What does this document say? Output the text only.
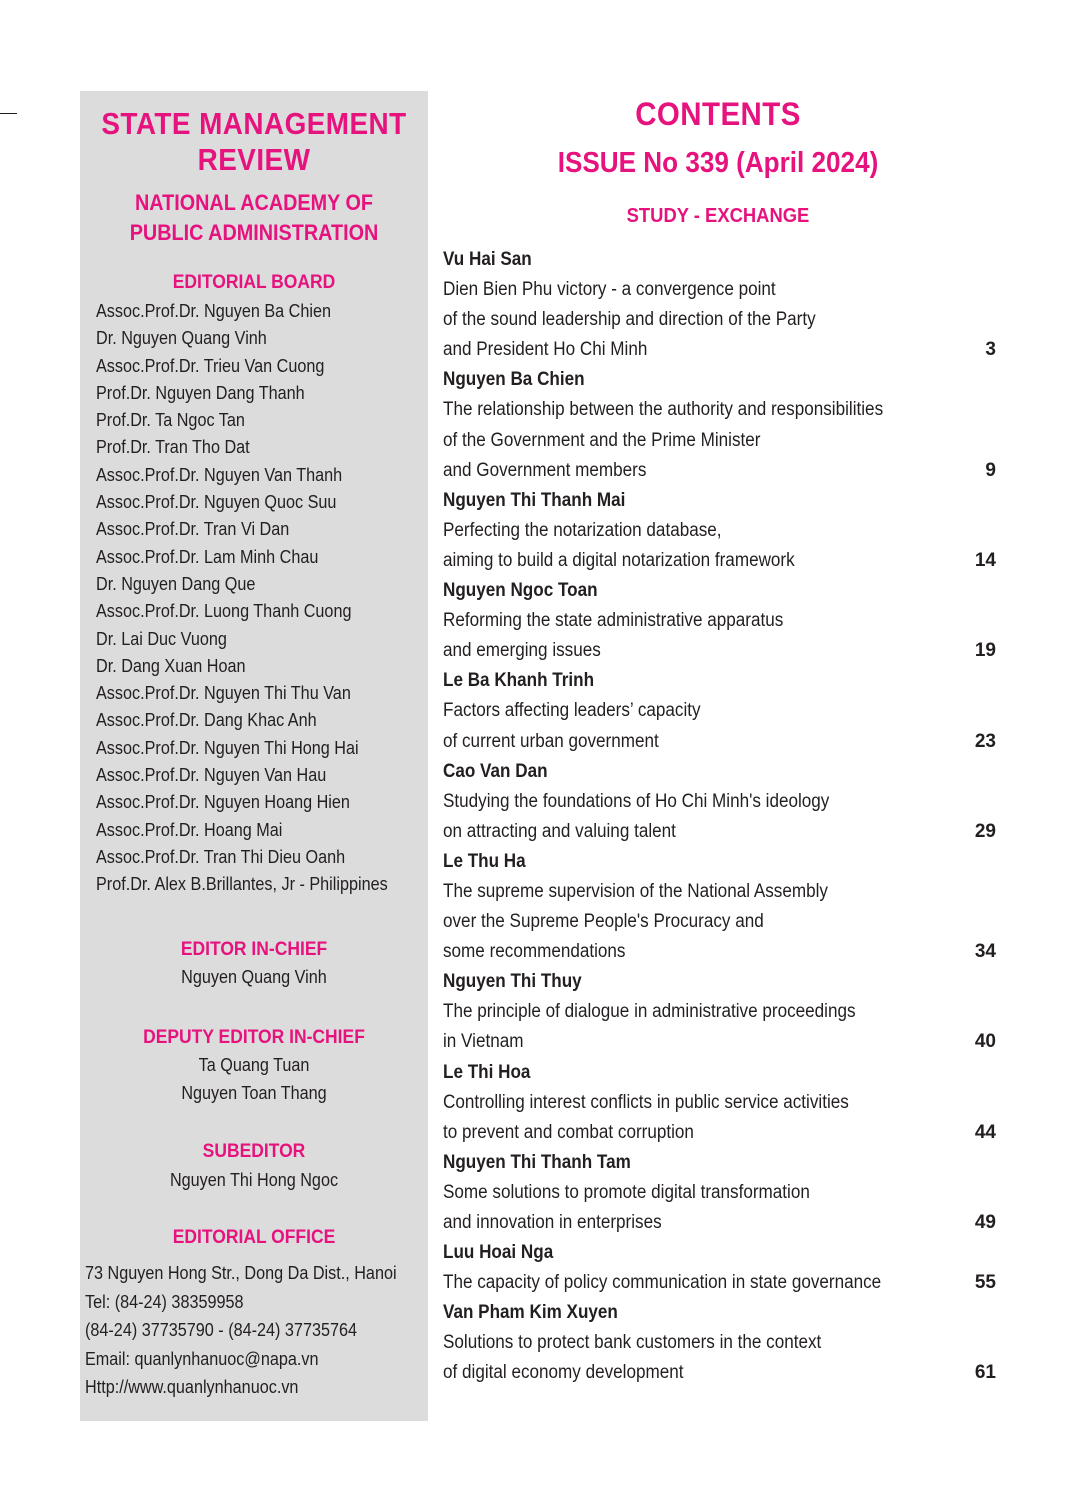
STATE MANAGEMENT
REVIEW
NATIONAL ACADEMY OF
PUBLIC ADMINISTRATION
EDITORIAL BOARD
Assoc.Prof.Dr. Nguyen Ba Chien
Dr. Nguyen Quang Vinh
Assoc.Prof.Dr. Trieu Van Cuong
Prof.Dr. Nguyen Dang Thanh
Prof.Dr. Ta Ngoc Tan
Prof.Dr. Tran Tho Dat
Assoc.Prof.Dr. Nguyen Van Thanh
Assoc.Prof.Dr. Nguyen Quoc Suu
Assoc.Prof.Dr. Tran Vi Dan
Assoc.Prof.Dr. Lam Minh Chau
Dr. Nguyen Dang Que
Assoc.Prof.Dr. Luong Thanh Cuong
Dr. Lai Duc Vuong
Dr. Dang Xuan Hoan
Assoc.Prof.Dr. Nguyen Thi Thu Van
Assoc.Prof.Dr. Dang Khac Anh
Assoc.Prof.Dr. Nguyen Thi Hong Hai
Assoc.Prof.Dr. Nguyen Van Hau
Assoc.Prof.Dr. Nguyen Hoang Hien
Assoc.Prof.Dr. Hoang Mai
Assoc.Prof.Dr. Tran Thi Dieu Oanh
Prof.Dr. Alex B.Brillantes, Jr - Philippines
EDITOR IN-CHIEF
Nguyen Quang Vinh
DEPUTY EDITOR IN-CHIEF
Ta Quang Tuan
Nguyen Toan Thang
SUBEDITOR
Nguyen Thi Hong Ngoc
EDITORIAL OFFICE
73 Nguyen Hong Str., Dong Da Dist., Hanoi
Tel: (84-24) 38359958
(84-24) 37735790 - (84-24) 37735764
Email: quanlynhanuoc@napa.vn
Http://www.quanlynhanuoc.vn
CONTENTS
ISSUE No 339 (April 2024)
STUDY - EXCHANGE
Vu Hai San
Dien Bien Phu victory - a convergence point
of the sound leadership and direction of the Party
and President Ho Chi Minh	3
Nguyen Ba Chien
The relationship between the authority and responsibilities
of the Government and the Prime Minister
and Government members	9
Nguyen Thi Thanh Mai
Perfecting the notarization database,
aiming to build a digital notarization framework	14
Nguyen Ngoc Toan
Reforming the state administrative apparatus
and emerging issues	19
Le Ba Khanh Trinh
Factors affecting leaders’ capacity
of current urban government	23
Cao Van Dan
Studying the foundations of Ho Chi Minh's ideology
on attracting and valuing talent	29
Le Thu Ha
The supreme supervision of the National Assembly
over the Supreme People's Procuracy and
some recommendations	34
Nguyen Thi Thuy
The principle of dialogue in administrative proceedings
in Vietnam	40
Le Thi Hoa
Controlling interest conflicts in public service activities
to prevent and combat corruption	44
Nguyen Thi Thanh Tam
Some solutions to promote digital transformation
and innovation in enterprises	49
Luu Hoai Nga
The capacity of policy communication in state governance	55
Van Pham Kim Xuyen
Solutions to protect bank customers in the context
of digital economy development	61
